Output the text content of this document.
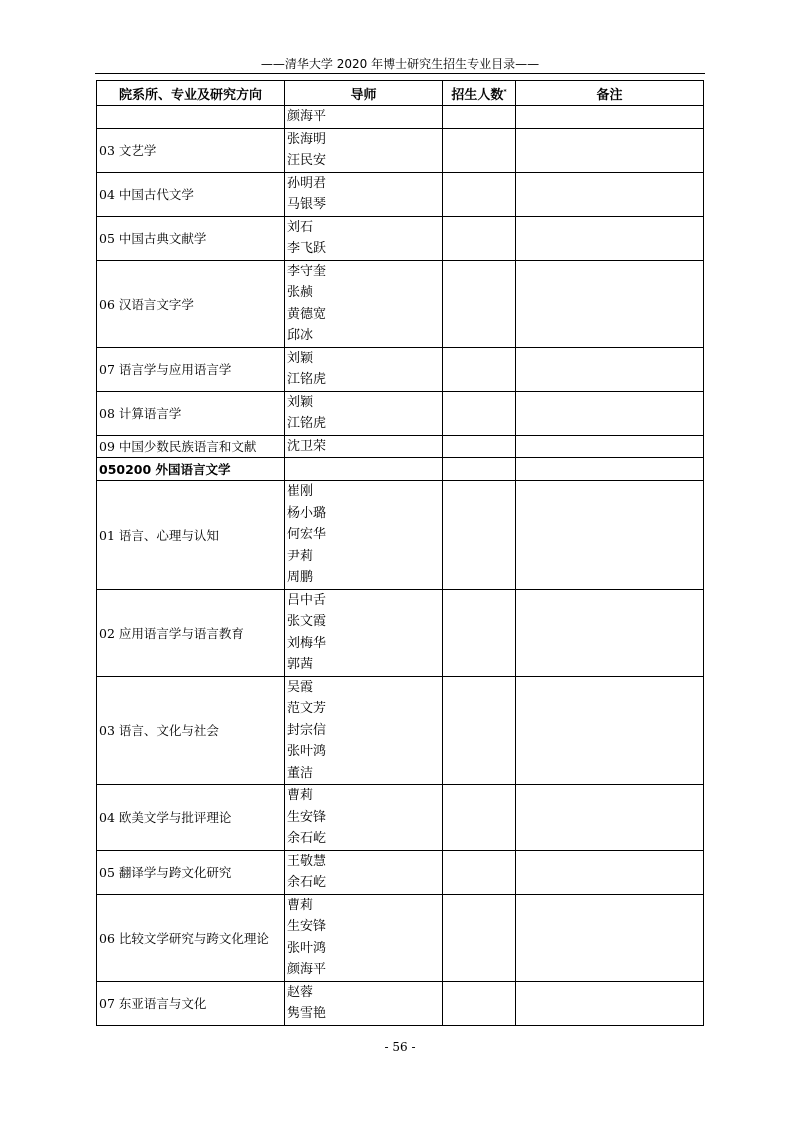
——清华大学 2020 年博士研究生招生专业目录——
院系所、专业及研究方向	导师	招生人数*	备注

	颜海平		

03 文艺学	张海明
汪民安		

04 中国古代文学	孙明君
马银琴		

05 中国古典文献学	刘石
李飞跃		

06 汉语言文字学	李守奎
张赪
黄德宽
邱冰		

07 语言学与应用语言学	刘颖
江铭虎		

08 计算语言学	刘颖
江铭虎		

09 中国少数民族语言和文献	沈卫荣		

050200 外国语言文学			
01 语言、心理与认知	崔刚
杨小璐
何宏华
尹莉
周鹏		

02 应用语言学与语言教育	吕中舌
张文霞
刘梅华
郭茜		

03 语言、文化与社会	吴霞
范文芳
封宗信
张叶鸿
董洁		

04 欧美文学与批评理论	曹莉
生安锋
余石屹		

05 翻译学与跨文化研究	王敬慧
余石屹		

06 比较文学研究与跨文化理论	曹莉
生安锋
张叶鸿
颜海平		

07 东亚语言与文化	赵蓉
隽雪艳		

- 56 -
